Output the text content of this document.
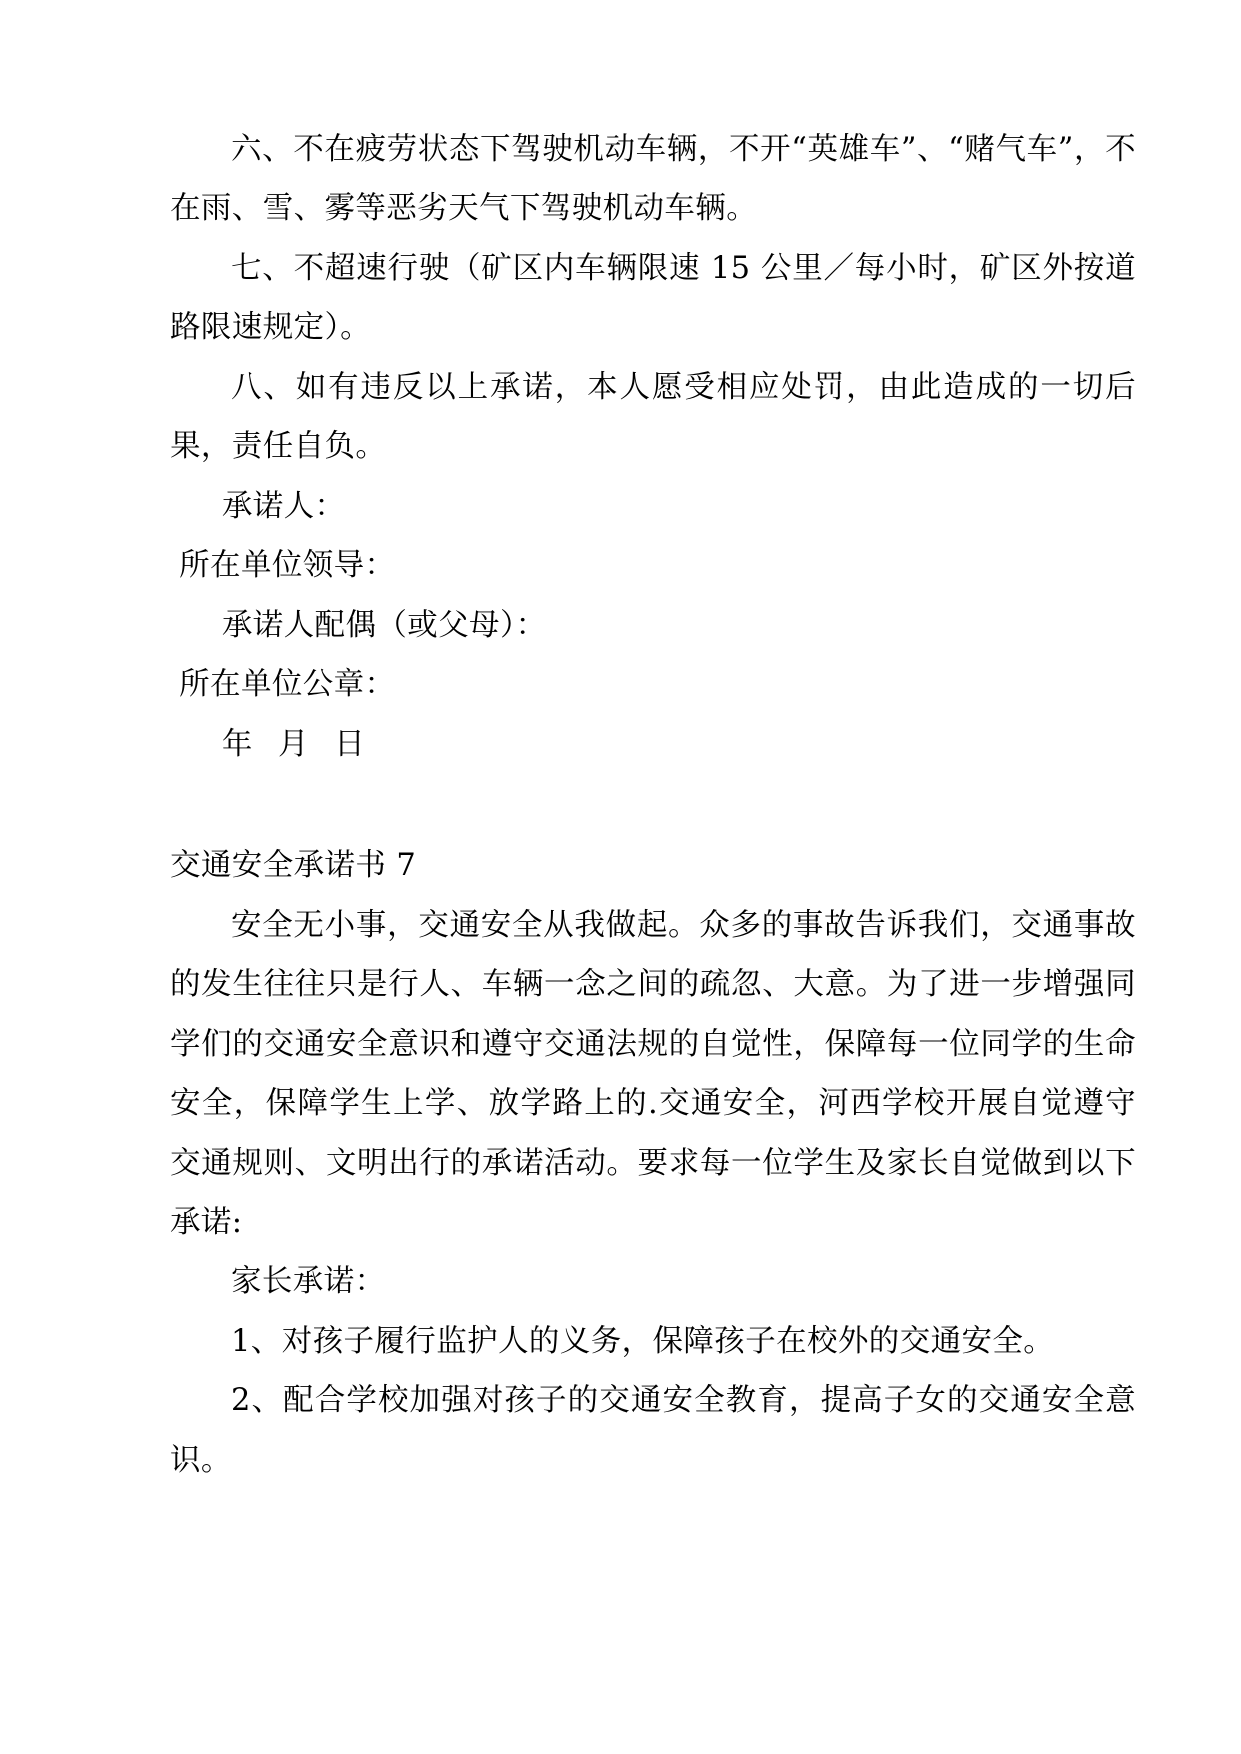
六、不在疲劳状态下驾驶机动车辆，不开“英雄车”、“赌气车”，不在雨、雪、雾等恶劣天气下驾驶机动车辆。

七、不超速行驶（矿区内车辆限速 15 公里／每小时，矿区外按道路限速规定）。

八、如有违反以上承诺，本人愿受相应处罚，由此造成的一切后果，责任自负。

承诺人：

所在单位领导：

承诺人配偶（或父母）：

所在单位公章：

年 月 日

交通安全承诺书 7

安全无小事，交通安全从我做起。众多的事故告诉我们，交通事故的发生往往只是行人、车辆一念之间的疏忽、大意。为了进一步增强同学们的交通安全意识和遵守交通法规的自觉性，保障每一位同学的生命安全，保障学生上学、放学路上的.交通安全，河西学校开展自觉遵守交通规则、文明出行的承诺活动。要求每一位学生及家长自觉做到以下承诺:

家长承诺：

1、对孩子履行监护人的义务，保障孩子在校外的交通安全。

2、配合学校加强对孩子的交通安全教育，提高子女的交通安全意识。
